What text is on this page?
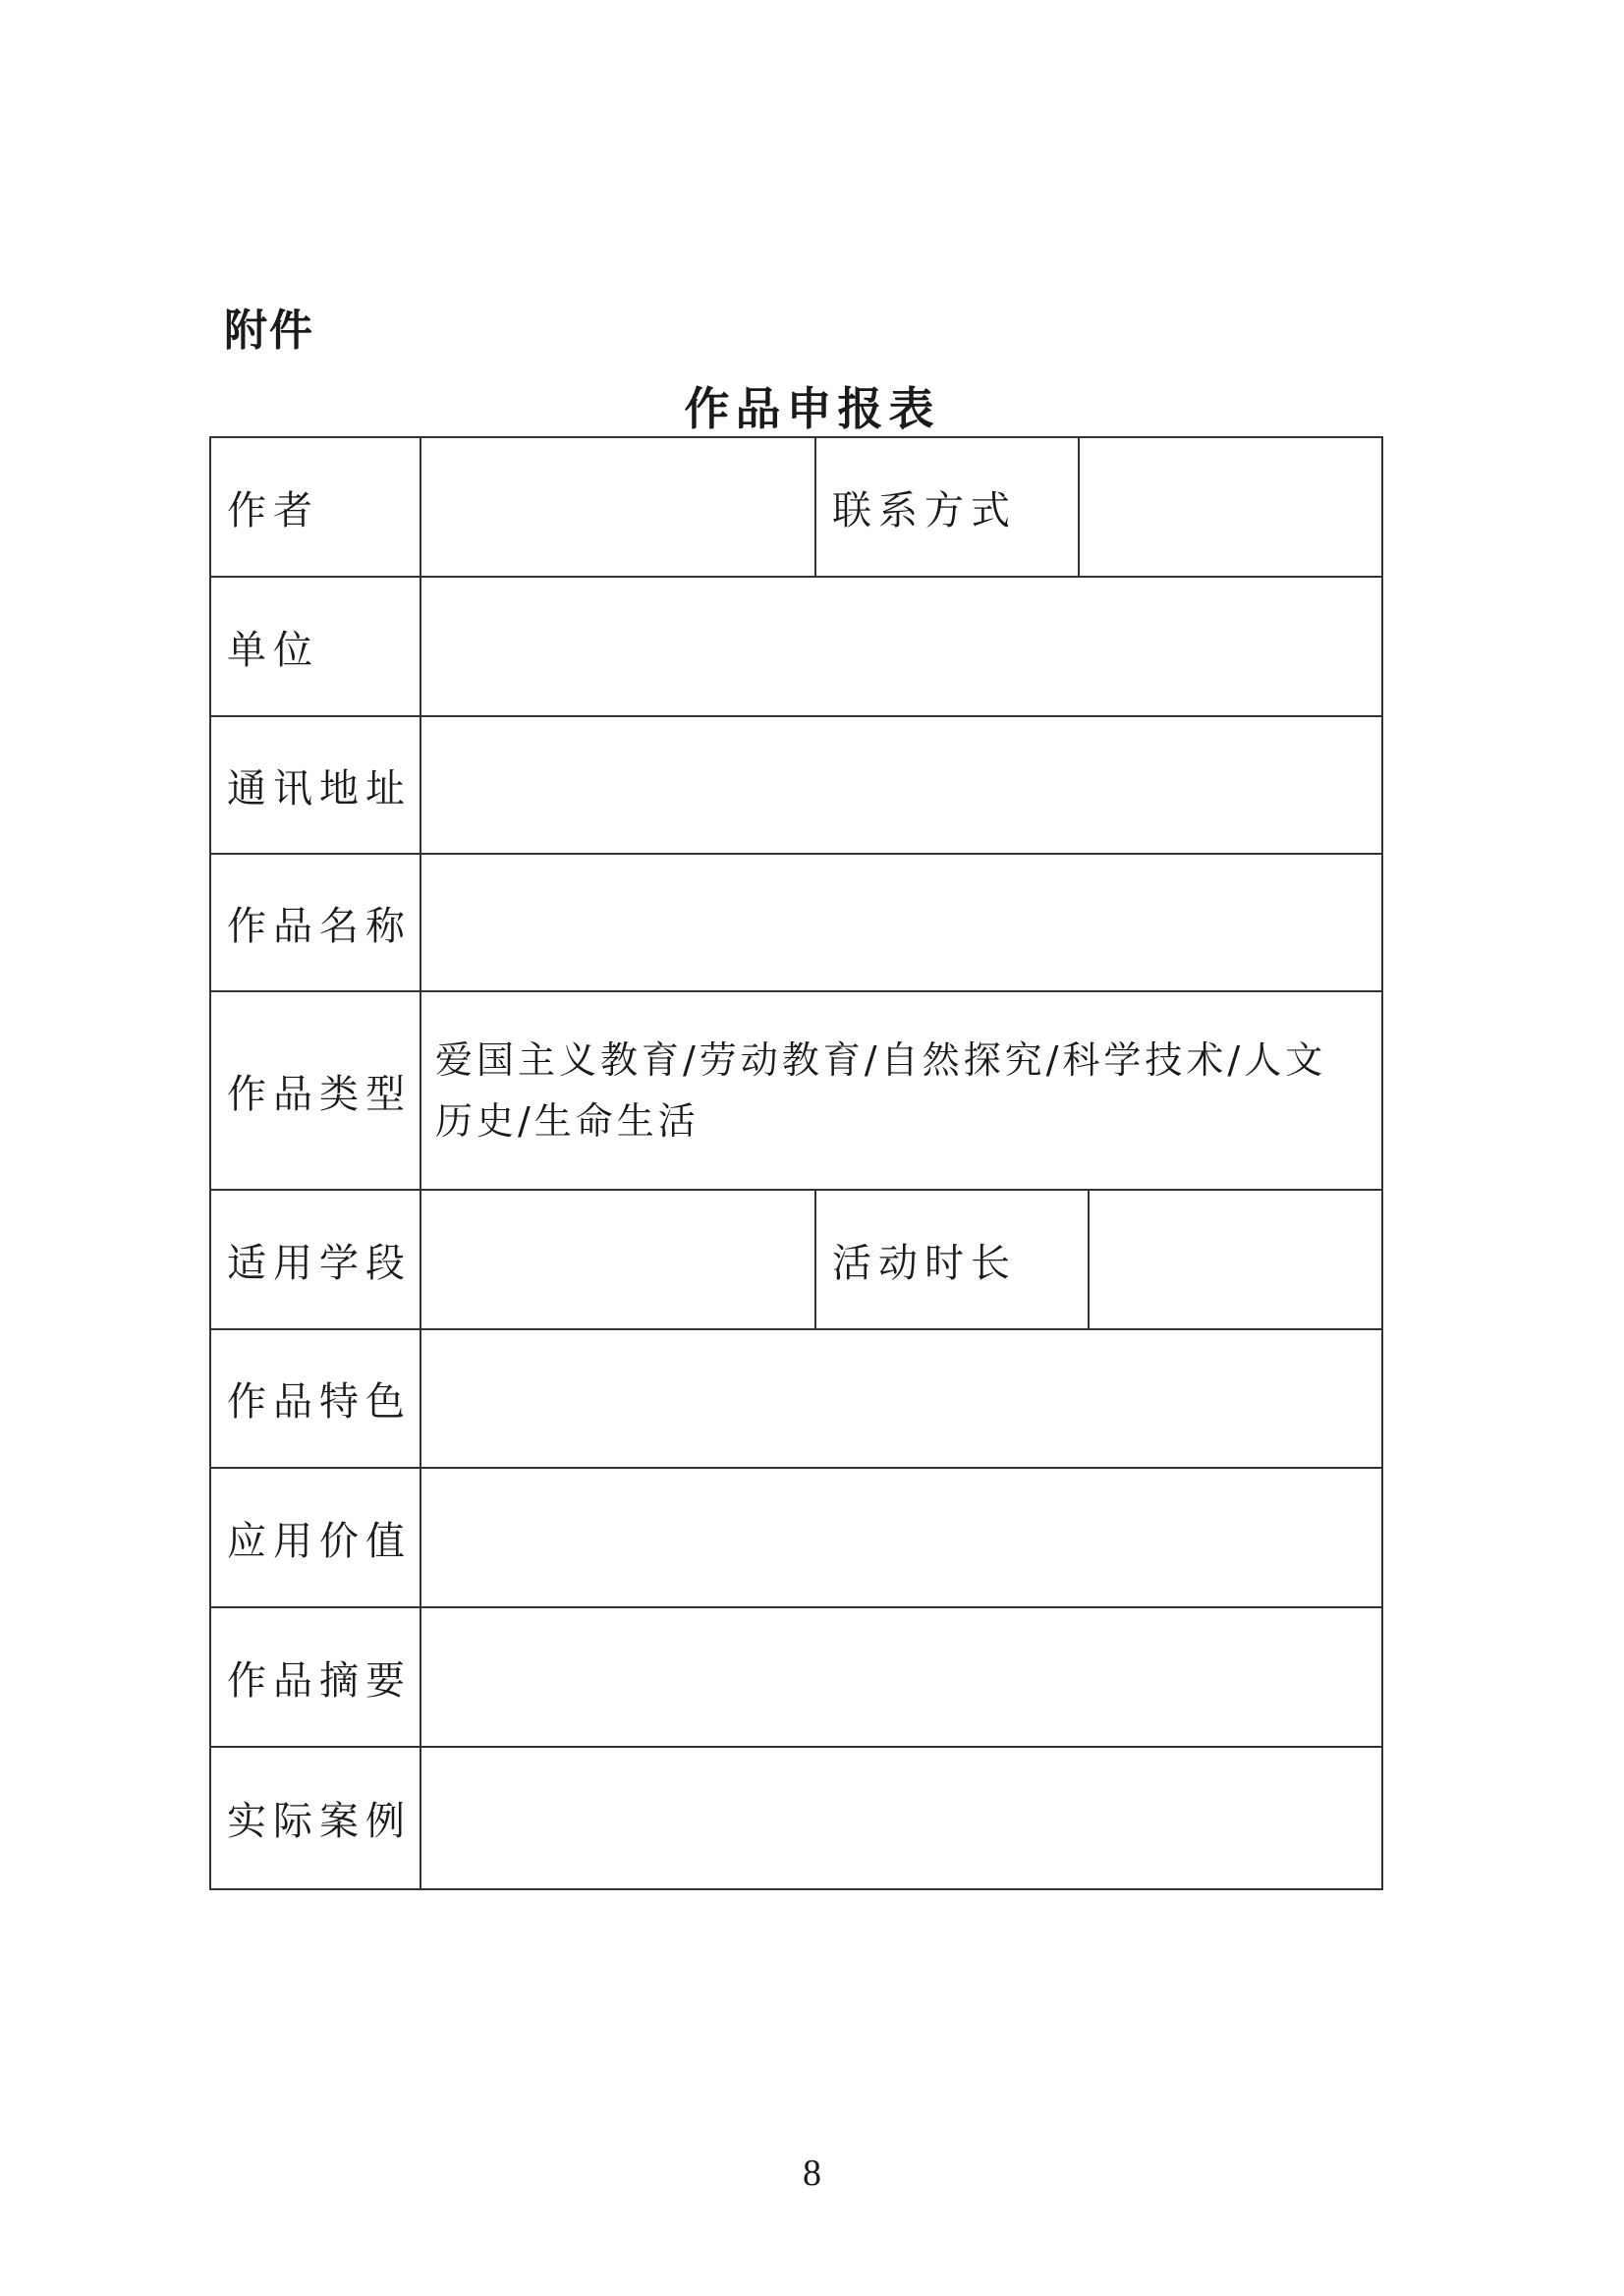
附件
作品申报表
作者	联系方式
单位
通讯地址
作品名称
作品类型
爱国主义教育/劳动教育/自然探究/科学技术/人文历史/生命生活
适用学段	活动时长
作品特色
应用价值
作品摘要
实际案例
8
